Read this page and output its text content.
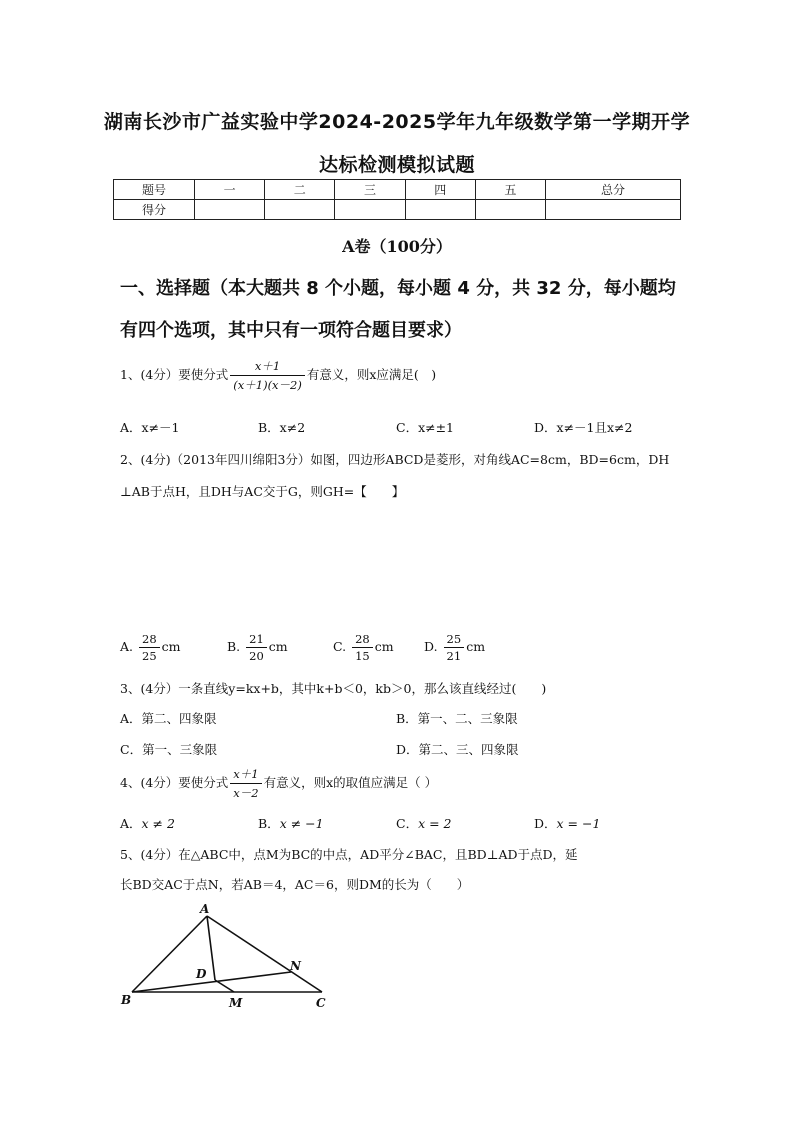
湖南长沙市广益实验中学2024-2025学年九年级数学第一学期开学
达标检测模拟试题
题号	一	二	三	四	五	总分
得分						
A卷（100分）
一、选择题（本大题共 8 个小题，每小题 4 分，共 32 分，每小题均
有四个选项，其中只有一项符合题目要求）
1、(4分）要使分式 $\frac{x+1}{(x+1)(x-2)}$ 有意义，则x应满足(　)
A．x≠－1	B．x≠2	C．x≠±1	D．x≠－1且x≠2
2、(4分)（2013年四川绵阳3分）如图，四边形ABCD是菱形，对角线AC=8cm，BD=6cm，DH
⊥AB于点H，且DH与AC交于G，则GH=【　　】
A. $\frac{28}{25}$ cm	B. $\frac{21}{20}$ cm	C. $\frac{28}{15}$ cm D. $\frac{25}{21}$ cm
3、(4分）一条直线y=kx+b，其中k+b＜0，kb＞0，那么该直线经过(　　)
A．第二、四象限	B．第一、二、三象限
C．第一、三象限	D．第二、三、四象限
4、(4分）要使分式 $\frac{x+1}{x-2}$ 有意义，则x的取值应满足（ ）
A．x ≠ 2	B．x ≠ −1	C．x = 2	D．x = −1
5、(4分）在△ABC中，点M为BC的中点，AD平分∠BAC，且BD⊥AD于点D，延
长BD交AC于点N，若AB＝4，AC＝6，则DM的长为（　　）
A
B	C
D
M
N
